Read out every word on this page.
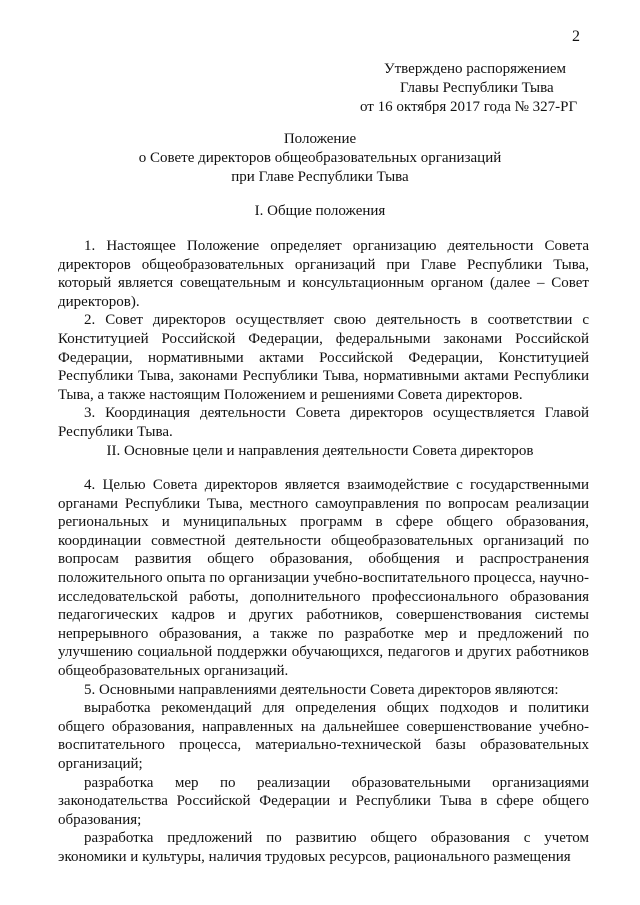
2
Утверждено распоряжением
Главы Республики Тыва
от 16 октября 2017 года № 327-РГ
Положение
о Совете директоров общеобразовательных организаций
при Главе Республики Тыва
I. Общие положения

1. Настоящее Положение определяет организацию деятельности Совета директоров общеобразовательных организаций при Главе Республики Тыва, который является совещательным и консультационным органом (далее – Совет директоров).

2. Совет директоров осуществляет свою деятельность в соответствии с Конституцией Российской Федерации, федеральными законами Российской Федерации, нормативными актами Российской Федерации, Конституцией Республики Тыва, законами Республики Тыва, нормативными актами Республики Тыва, а также настоящим Положением и решениями Совета директоров.

3. Координация деятельности Совета директоров осуществляется Главой Республики Тыва.

II. Основные цели и направления деятельности Совета директоров

4. Целью Совета директоров является взаимодействие с государственными органами Республики Тыва, местного самоуправления по вопросам реализации региональных и муниципальных программ в сфере общего образования, координации совместной деятельности общеобразовательных организаций по вопросам развития общего образования, обобщения и распространения положительного опыта по организации учебно-воспитательного процесса, научно-исследовательской работы, дополнительного профессионального образования педагогических кадров и других работников, совершенствования системы непрерывного образования, а также по разработке мер и предложений по улучшению социальной поддержки обучающихся, педагогов и других работников общеобразовательных организаций.

5. Основными направлениями деятельности Совета директоров являются:

выработка рекомендаций для определения общих подходов и политики общего образования, направленных на дальнейшее совершенствование учебно-воспитательного процесса, материально-технической базы образовательных организаций;

разработка мер по реализации образовательными организациями законодательства Российской Федерации и Республики Тыва в сфере общего образования;

разработка предложений по развитию общего образования с учетом экономики и культуры, наличия трудовых ресурсов, рационального размещения
